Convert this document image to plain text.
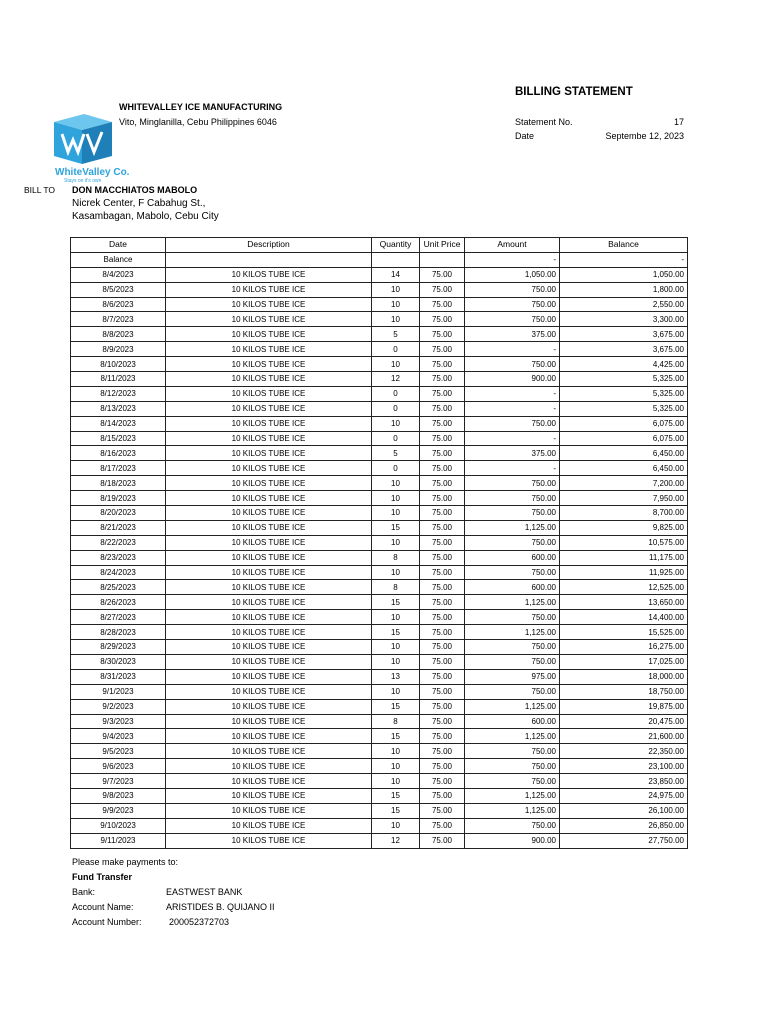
WhiteValley Co.
Stays on it's own
WHITEVALLEY ICE MANUFACTURING
Vito, Minglanilla, Cebu Philippines 6046
BILLING STATEMENT
Statement No.	17
Date	Septembe 12, 2023
BILL TO DON MACCHIATOS MABOLO
Nicrek Center, F Cabahug St.,
Kasambagan, Mabolo, Cebu City
Date	Description	Quantity	Unit Price	Amount	Balance
Balance				-	-
8/4/2023	10 KILOS TUBE ICE	14	75.00	1,050.00	1,050.00
8/5/2023	10 KILOS TUBE ICE	10	75.00	750.00	1,800.00
8/6/2023	10 KILOS TUBE ICE	10	75.00	750.00	2,550.00
8/7/2023	10 KILOS TUBE ICE	10	75.00	750.00	3,300.00
8/8/2023	10 KILOS TUBE ICE	5	75.00	375.00	3,675.00
8/9/2023	10 KILOS TUBE ICE	0	75.00	-	3,675.00
8/10/2023	10 KILOS TUBE ICE	10	75.00	750.00	4,425.00
8/11/2023	10 KILOS TUBE ICE	12	75.00	900.00	5,325.00
8/12/2023	10 KILOS TUBE ICE	0	75.00	-	5,325.00
8/13/2023	10 KILOS TUBE ICE	0	75.00	-	5,325.00
8/14/2023	10 KILOS TUBE ICE	10	75.00	750.00	6,075.00
8/15/2023	10 KILOS TUBE ICE	0	75.00	-	6,075.00
8/16/2023	10 KILOS TUBE ICE	5	75.00	375.00	6,450.00
8/17/2023	10 KILOS TUBE ICE	0	75.00	-	6,450.00
8/18/2023	10 KILOS TUBE ICE	10	75.00	750.00	7,200.00
8/19/2023	10 KILOS TUBE ICE	10	75.00	750.00	7,950.00
8/20/2023	10 KILOS TUBE ICE	10	75.00	750.00	8,700.00
8/21/2023	10 KILOS TUBE ICE	15	75.00	1,125.00	9,825.00
8/22/2023	10 KILOS TUBE ICE	10	75.00	750.00	10,575.00
8/23/2023	10 KILOS TUBE ICE	8	75.00	600.00	11,175.00
8/24/2023	10 KILOS TUBE ICE	10	75.00	750.00	11,925.00
8/25/2023	10 KILOS TUBE ICE	8	75.00	600.00	12,525.00
8/26/2023	10 KILOS TUBE ICE	15	75.00	1,125.00	13,650.00
8/27/2023	10 KILOS TUBE ICE	10	75.00	750.00	14,400.00
8/28/2023	10 KILOS TUBE ICE	15	75.00	1,125.00	15,525.00
8/29/2023	10 KILOS TUBE ICE	10	75.00	750.00	16,275.00
8/30/2023	10 KILOS TUBE ICE	10	75.00	750.00	17,025.00
8/31/2023	10 KILOS TUBE ICE	13	75.00	975.00	18,000.00
9/1/2023	10 KILOS TUBE ICE	10	75.00	750.00	18,750.00
9/2/2023	10 KILOS TUBE ICE	15	75.00	1,125.00	19,875.00
9/3/2023	10 KILOS TUBE ICE	8	75.00	600.00	20,475.00
9/4/2023	10 KILOS TUBE ICE	15	75.00	1,125.00	21,600.00
9/5/2023	10 KILOS TUBE ICE	10	75.00	750.00	22,350.00
9/6/2023	10 KILOS TUBE ICE	10	75.00	750.00	23,100.00
9/7/2023	10 KILOS TUBE ICE	10	75.00	750.00	23,850.00
9/8/2023	10 KILOS TUBE ICE	15	75.00	1,125.00	24,975.00
9/9/2023	10 KILOS TUBE ICE	15	75.00	1,125.00	26,100.00
9/10/2023	10 KILOS TUBE ICE	10	75.00	750.00	26,850.00
9/11/2023	10 KILOS TUBE ICE	12	75.00	900.00	27,750.00
Please make payments to:
Fund Transfer
Bank:	EASTWEST BANK
Account Name:	ARISTIDES B. QUIJANO II
Account Number:	200052372703
